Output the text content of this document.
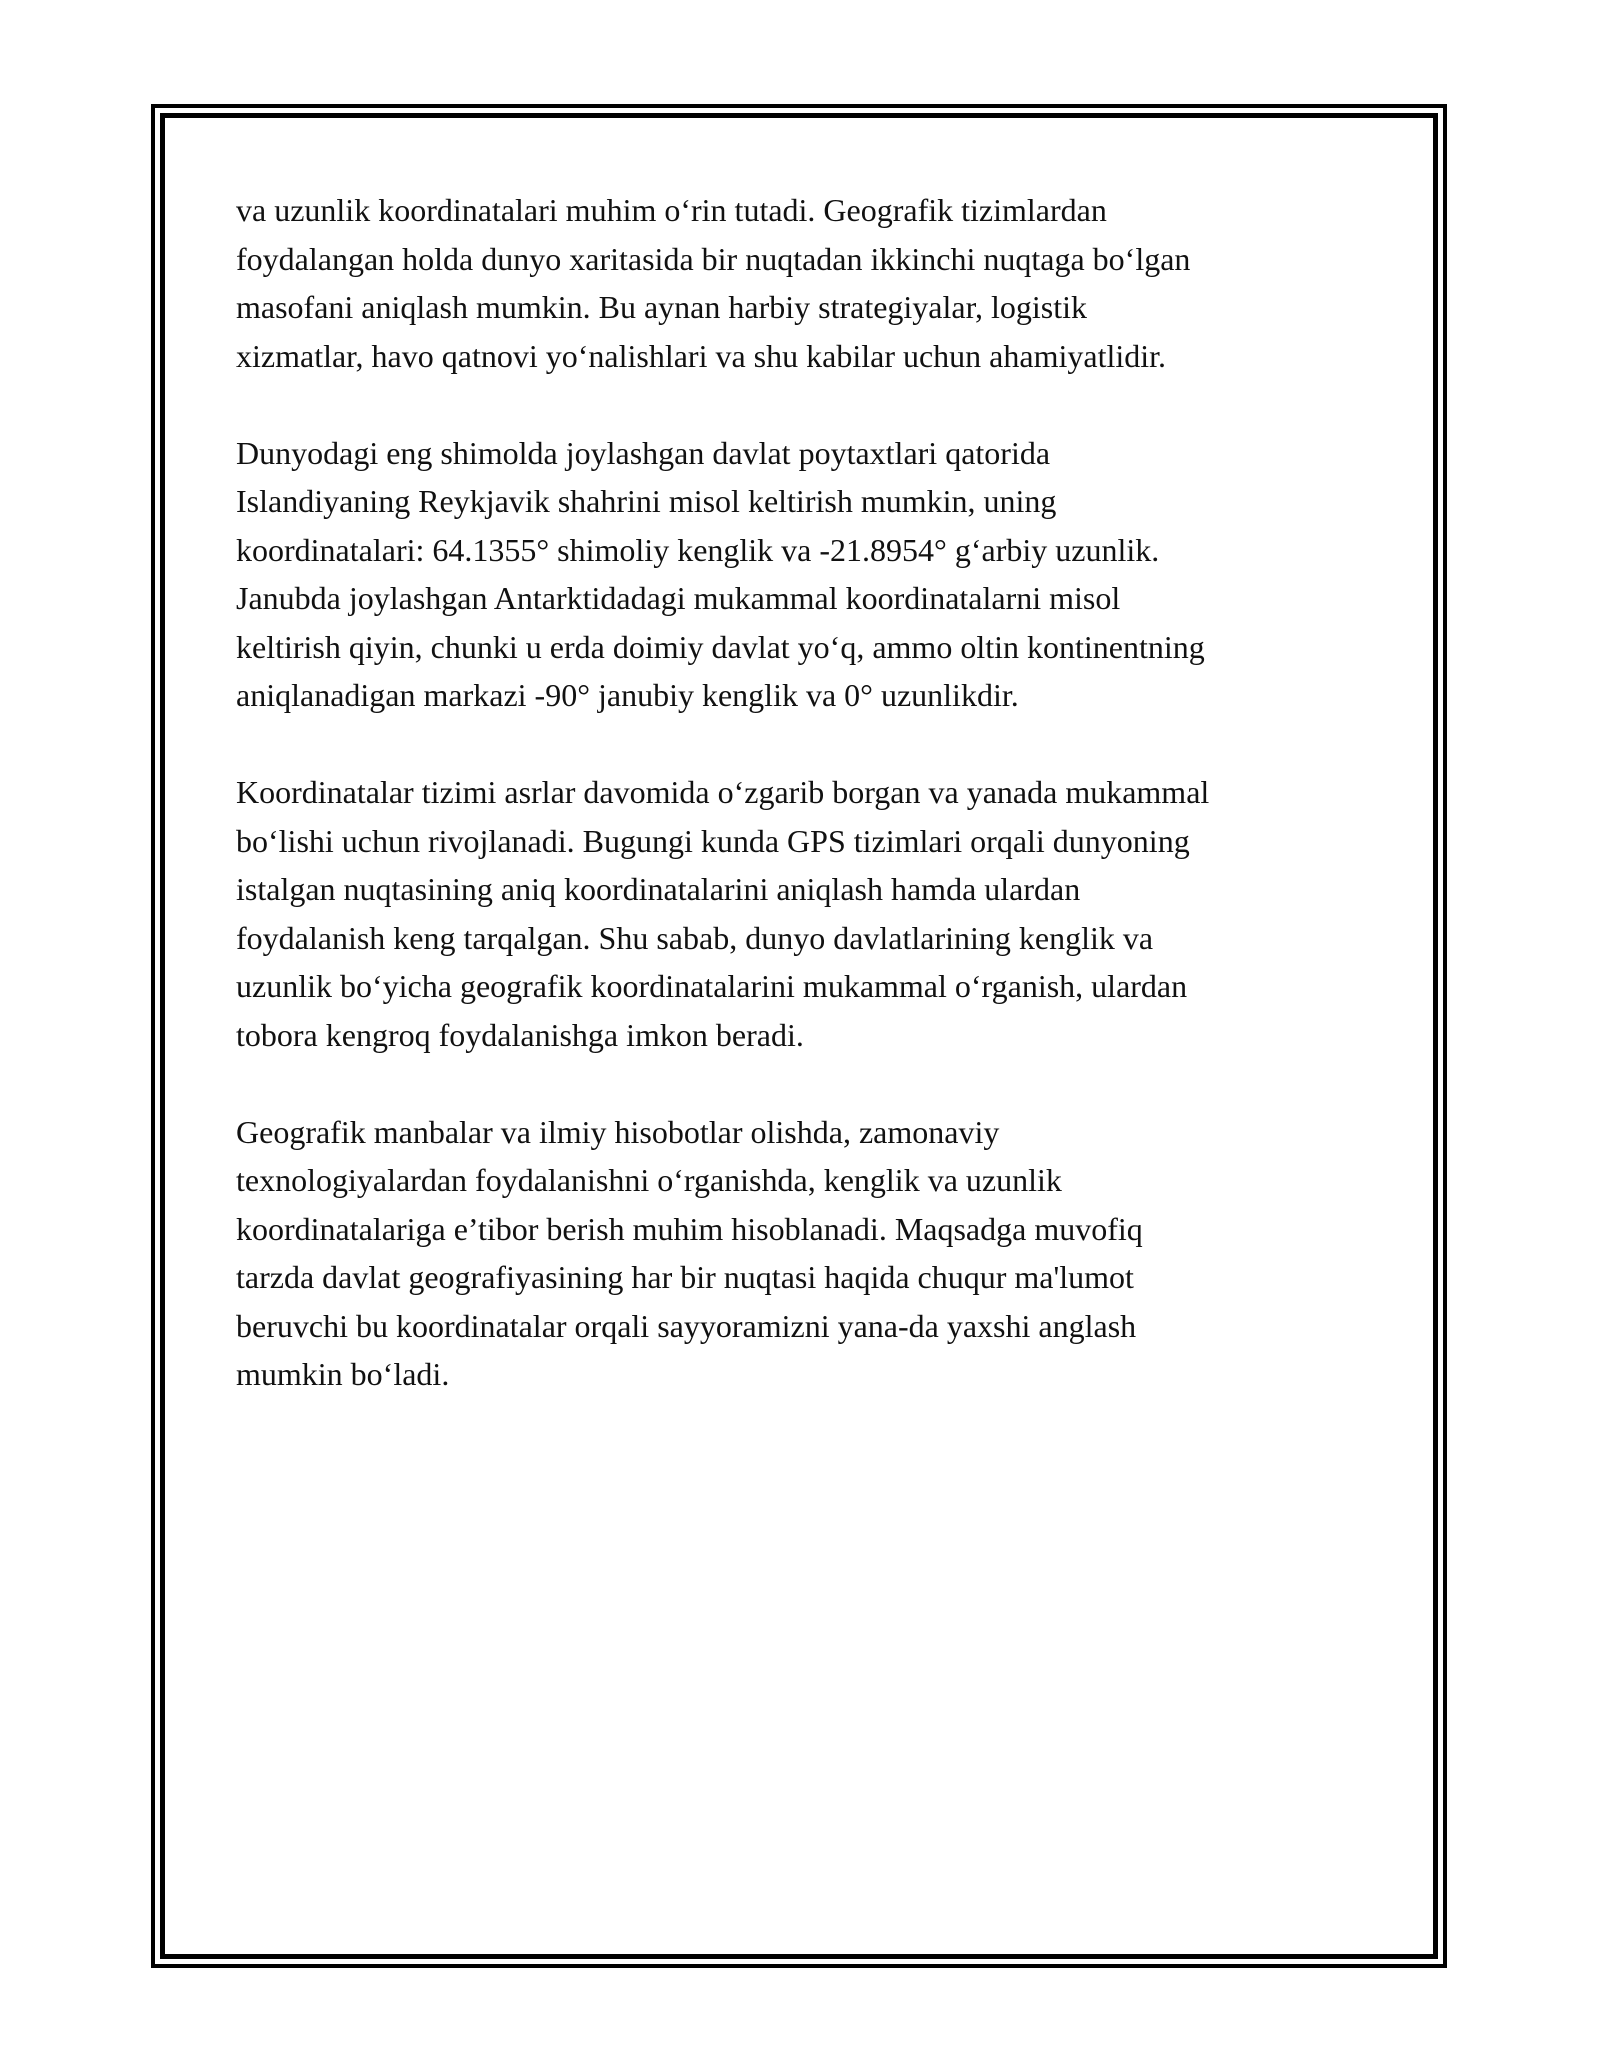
va uzunlik koordinatalari muhim o‘rin tutadi. Geografik tizimlardan
foydalangan holda dunyo xaritasida bir nuqtadan ikkinchi nuqtaga bo‘lgan
masofani aniqlash mumkin. Bu aynan harbiy strategiyalar, logistik
xizmatlar, havo qatnovi yo‘nalishlari va shu kabilar uchun ahamiyatlidir.

Dunyodagi eng shimolda joylashgan davlat poytaxtlari qatorida
Islandiyaning Reykjavik shahrini misol keltirish mumkin, uning
koordinatalari: 64.1355° shimoliy kenglik va -21.8954° g‘arbiy uzunlik.
Janubda joylashgan Antarktidadagi mukammal koordinatalarni misol
keltirish qiyin, chunki u erda doimiy davlat yo‘q, ammo oltin kontinentning
aniqlanadigan markazi -90° janubiy kenglik va 0° uzunlikdir.

Koordinatalar tizimi asrlar davomida o‘zgarib borgan va yanada mukammal
bo‘lishi uchun rivojlanadi. Bugungi kunda GPS tizimlari orqali dunyoning
istalgan nuqtasining aniq koordinatalarini aniqlash hamda ulardan
foydalanish keng tarqalgan. Shu sabab, dunyo davlatlarining kenglik va
uzunlik bo‘yicha geografik koordinatalarini mukammal o‘rganish, ulardan
tobora kengroq foydalanishga imkon beradi.

Geografik manbalar va ilmiy hisobotlar olishda, zamonaviy
texnologiyalardan foydalanishni o‘rganishda, kenglik va uzunlik
koordinatalariga e’tibor berish muhim hisoblanadi. Maqsadga muvofiq
tarzda davlat geografiyasining har bir nuqtasi haqida chuqur ma'lumot
beruvchi bu koordinatalar orqali sayyoramizni yana-da yaxshi anglash
mumkin bo‘ladi.
